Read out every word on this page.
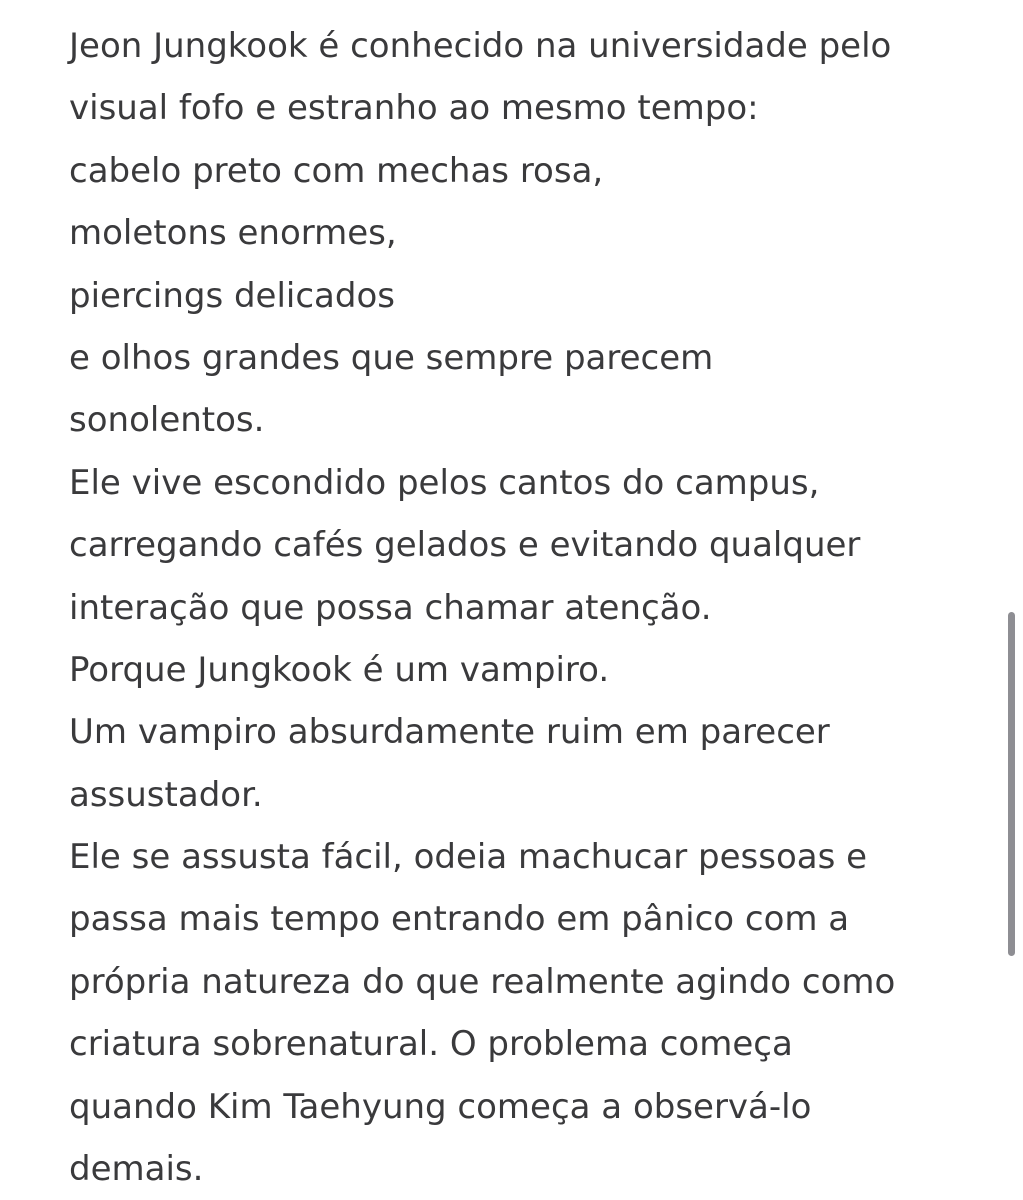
Jeon Jungkook é conhecido na universidade pelo
visual fofo e estranho ao mesmo tempo:
cabelo preto com mechas rosa,
moletons enormes,
piercings delicados
e olhos grandes que sempre parecem
sonolentos.
Ele vive escondido pelos cantos do campus,
carregando cafés gelados e evitando qualquer
interação que possa chamar atenção.
Porque Jungkook é um vampiro.
Um vampiro absurdamente ruim em parecer
assustador.
Ele se assusta fácil, odeia machucar pessoas e
passa mais tempo entrando em pânico com a
própria natureza do que realmente agindo como
criatura sobrenatural. O problema começa
quando Kim Taehyung começa a observá-lo
demais.
